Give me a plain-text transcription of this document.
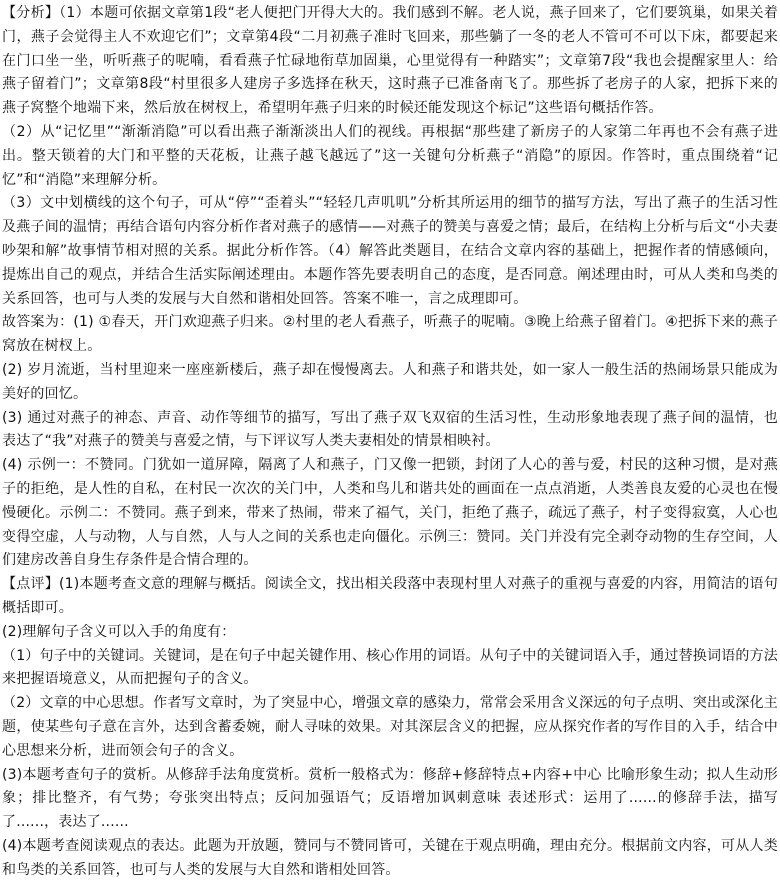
【分析】（1）本题可依据文章第1段“老人便把门开得大大的。我们感到不解。老人说，燕子回来了，它们要筑巢，如果关着门，燕子会觉得主人不欢迎它们”；文章第4段“二月初燕子准时飞回来，那些躺了一冬的老人不管可不可以下床，都要起来在门口坐一坐，听听燕子的呢喃，看看燕子忙碌地衔草加固巢，心里觉得有一种踏实”；文章第7段“我也会提醒家里人：给燕子留着门”；文章第8段“村里很多人建房子多选择在秋天，这时燕子已准备南飞了。那些拆了老房子的人家，把拆下来的燕子窝整个地端下来，然后放在树杈上，希望明年燕子归来的时候还能发现这个标记”这些语句概括作答。

（2）从“记忆里”“渐渐消隐”可以看出燕子渐渐淡出人们的视线。再根据“那些建了新房子的人家第二年再也不会有燕子进出。整天锁着的大门和平整的天花板，让燕子越飞越远了”这一关键句分析燕子“消隐”的原因。作答时，重点围绕着“记忆”和“消隐”来理解分析。

（3）文中划横线的这个句子，可从“停”“歪着头”“轻轻几声叽叽”分析其所运用的细节的描写方法，写出了燕子的生活习性及燕子间的温情；再结合语句内容分析作者对燕子的感情——对燕子的赞美与喜爱之情；最后，在结构上分析与后文“小夫妻吵架和解”故事情节相对照的关系。据此分析作答。（4）解答此类题目，在结合文章内容的基础上，把握作者的情感倾向，提炼出自己的观点，并结合生活实际阐述理由。本题作答先要表明自己的态度，是否同意。阐述理由时，可从人类和鸟类的关系回答，也可与人类的发展与大自然和谐相处回答。答案不唯一，言之成理即可。

故答案为：(1) ①春天，开门欢迎燕子归来。②村里的老人看燕子，听燕子的呢喃。③晚上给燕子留着门。④把拆下来的燕子窝放在树杈上。

(2) 岁月流逝，当村里迎来一座座新楼后，燕子却在慢慢离去。人和燕子和谐共处，如一家人一般生活的热闹场景只能成为美好的回忆。

(3) 通过对燕子的神态、声音、动作等细节的描写，写出了燕子双飞双宿的生活习性，生动形象地表现了燕子间的温情，也表达了“我”对燕子的赞美与喜爱之情，与下评议写人类夫妻相处的情景相映衬。

(4) 示例一：不赞同。门犹如一道屏障，隔离了人和燕子，门又像一把锁，封闭了人心的善与爱，村民的这种习惯，是对燕子的拒绝，是人性的自私，在村民一次次的关门中，人类和鸟儿和谐共处的画面在一点点消逝，人类善良友爱的心灵也在慢慢硬化。示例二：不赞同。燕子到来，带来了热闹，带来了福气，关门，拒绝了燕子，疏远了燕子，村子变得寂寞，人心也变得空虚，人与动物，人与自然，人与人之间的关系也走向僵化。示例三：赞同。关门并没有完全剥夺动物的生存空间，人们建房改善自身生存条件是合情合理的。

【点评】(1)本题考查文意的理解与概括。阅读全文，找出相关段落中表现村里人对燕子的重视与喜爱的内容，用简洁的语句概括即可。

(2)理解句子含义可以入手的角度有：

（1）句子中的关键词。关键词，是在句子中起关键作用、核心作用的词语。从句子中的关键词语入手，通过替换词语的方法来把握语境意义，从而把握句子的含义。

（2）文章的中心思想。作者写文章时，为了突显中心，增强文章的感染力，常常会采用含义深远的句子点明、突出或深化主题，使某些句子意在言外，达到含蓄委婉，耐人寻味的效果。对其深层含义的把握，应从探究作者的写作目的入手，结合中心思想来分析，进而领会句子的含义。

(3)本题考查句子的赏析。从修辞手法角度赏析。赏析一般格式为：修辞+修辞特点+内容+中心 比喻形象生动；拟人生动形象；排比整齐，有气势；夸张突出特点；反问加强语气；反语增加讽刺意味 表述形式：运用了......的修辞手法，描写了......，表达了......

(4)本题考查阅读观点的表达。此题为开放题，赞同与不赞同皆可，关键在于观点明确，理由充分。根据前文内容，可从人类和鸟类的关系回答，也可与人类的发展与大自然和谐相处回答。
